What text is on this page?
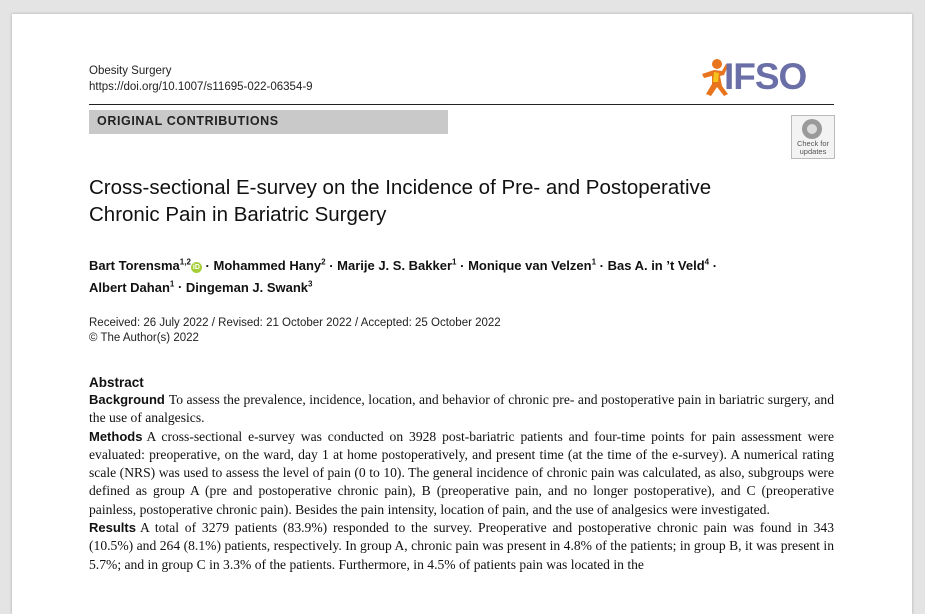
Obesity Surgery
https://doi.org/10.1007/s11695-022-06354-9	IFSO
ORIGINAL CONTRIBUTIONS
Check for
updates
Cross-sectional E-survey on the Incidence of Pre- and Postoperative
Chronic Pain in Bariatric Surgery
Bart Torensma$^{1,2}$iD · Mohammed Hany$^2$ · Marije J. S. Bakker$^1$ · Monique van Velzen$^1$ · Bas A. in ’t Veld$^4$ ·
Albert Dahan$^1$ · Dingeman J. Swank$^3$
Received: 26 July 2022 / Revised: 21 October 2022 / Accepted: 25 October 2022
© The Author(s) 2022
Abstract

Background To assess the prevalence, incidence, location, and behavior of chronic pre- and postoperative pain in bariatric surgery, and the use of analgesics.

Methods A cross-sectional e-survey was conducted on 3928 post-bariatric patients and four-time points for pain assessment were evaluated: preoperative, on the ward, day 1 at home postoperatively, and present time (at the time of the e-survey). A numerical rating scale (NRS) was used to assess the level of pain (0 to 10). The general incidence of chronic pain was calculated, as also, subgroups were defined as group A (pre and postoperative chronic pain), B (preoperative pain, and no longer postoperative), and C (preoperative painless, postoperative chronic pain). Besides the pain intensity, location of pain, and the use of analgesics were investigated.

Results A total of 3279 patients (83.9%) responded to the survey. Preoperative and postoperative chronic pain was found in 343 (10.5%) and 264 (8.1%) patients, respectively. In group A, chronic pain was present in 4.8% of the patients; in group B, it was present in 5.7%; and in group C in 3.3% of the patients. Furthermore, in 4.5% of patients pain was located in the
